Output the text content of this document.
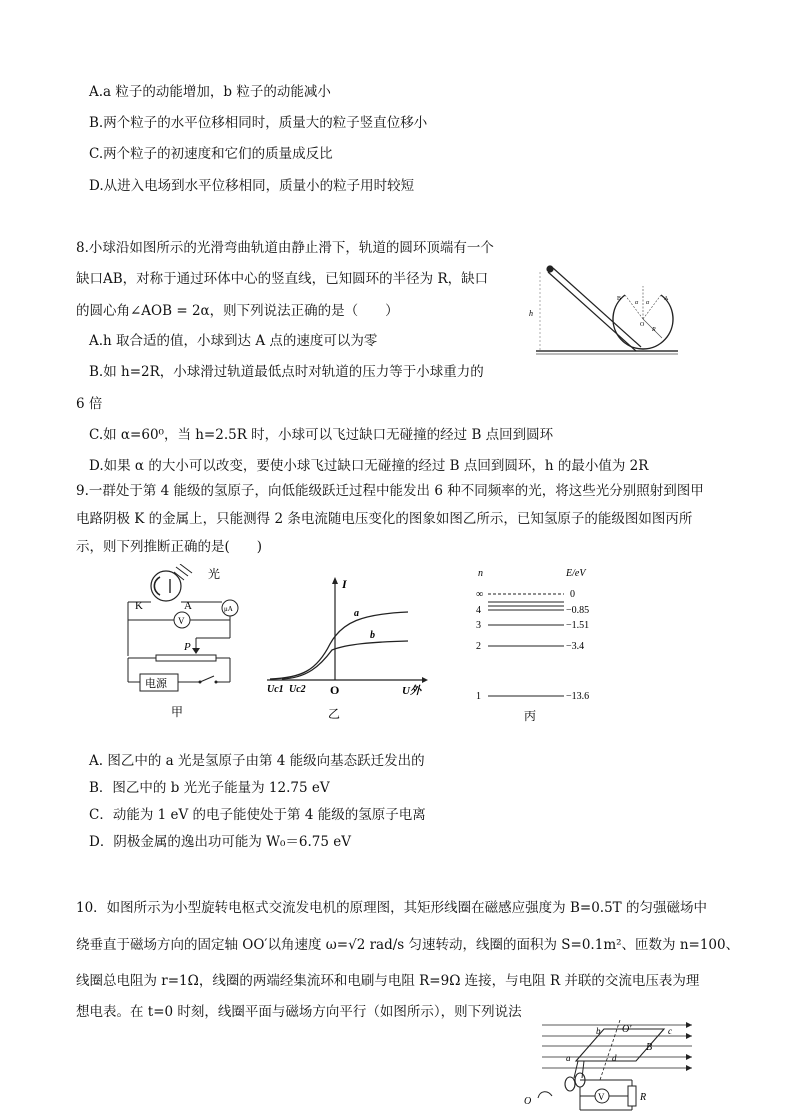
A.a 粒子的动能增加，b 粒子的动能减小
B.两个粒子的水平位移相同时，质量大的粒子竖直位移小
C.两个粒子的初速度和它们的质量成反比
D.从进入电场到水平位移相同，质量小的粒子用时较短
8.小球沿如图所示的光滑弯曲轨道由静止滑下，轨道的圆环顶端有一个
缺口AB，对称于通过环体中心的竖直线，已知圆环的半径为 R，缺口
的圆心角∠AOB = 2α，则下列说法正确的是（　　）
A.h 取合适的值，小球到达 A 点的速度可以为零
B.如 h=2R，小球滑过轨道最低点时对轨道的压力等于小球重力的
6 倍
C.如 α=60⁰，当 h=2.5R 时，小球可以飞过缺口无碰撞的经过 B 点回到圆环
D.如果 α 的大小可以改变，要使小球飞过缺口无碰撞的经过 B 点回到圆环，h 的最小值为 2R
h
B	A
O
R
α α
9.一群处于第 4 能级的氢原子，向低能级跃迁过程中能发出 6 种不同频率的光，将这些光分别照射到图甲
电路阴极 K 的金属上，只能测得 2 条电流随电压变化的图象如图乙所示，已知氢原子的能级图如图丙所
示，则下列推断正确的是(　　)
光
K	A	μA
V
P
电源
甲
I
a
b
Uc1 Uc2 O	U外
乙
n	E/eV
∞	0
4	−0.85
3	−1.51
2	−3.4
1	−13.6
丙
A. 图乙中的 a 光是氢原子由第 4 能级向基态跃迁发出的
B．图乙中的 b 光光子能量为 12.75 eV
C．动能为 1 eV 的电子能使处于第 4 能级的氢原子电离
D．阴极金属的逸出功可能为 W₀＝6.75 eV
10．如图所示为小型旋转电枢式交流发电机的原理图，其矩形线圈在磁感应强度为 B=0.5T 的匀强磁场中
绕垂直于磁场方向的固定轴 OO′以角速度 ω=√2 rad/s 匀速转动，线圈的面积为 S=0.1m²、匝数为 n=100、
线圈总电阻为 r=1Ω，线圈的两端经集流环和电刷与电阻 R=9Ω 连接，与电阻 R 并联的交流电压表为理
想电表。在 t=0 时刻，线圈平面与磁场方向平行（如图所示），则下列说法
B
O′
b	c
a	d
O	V	R
